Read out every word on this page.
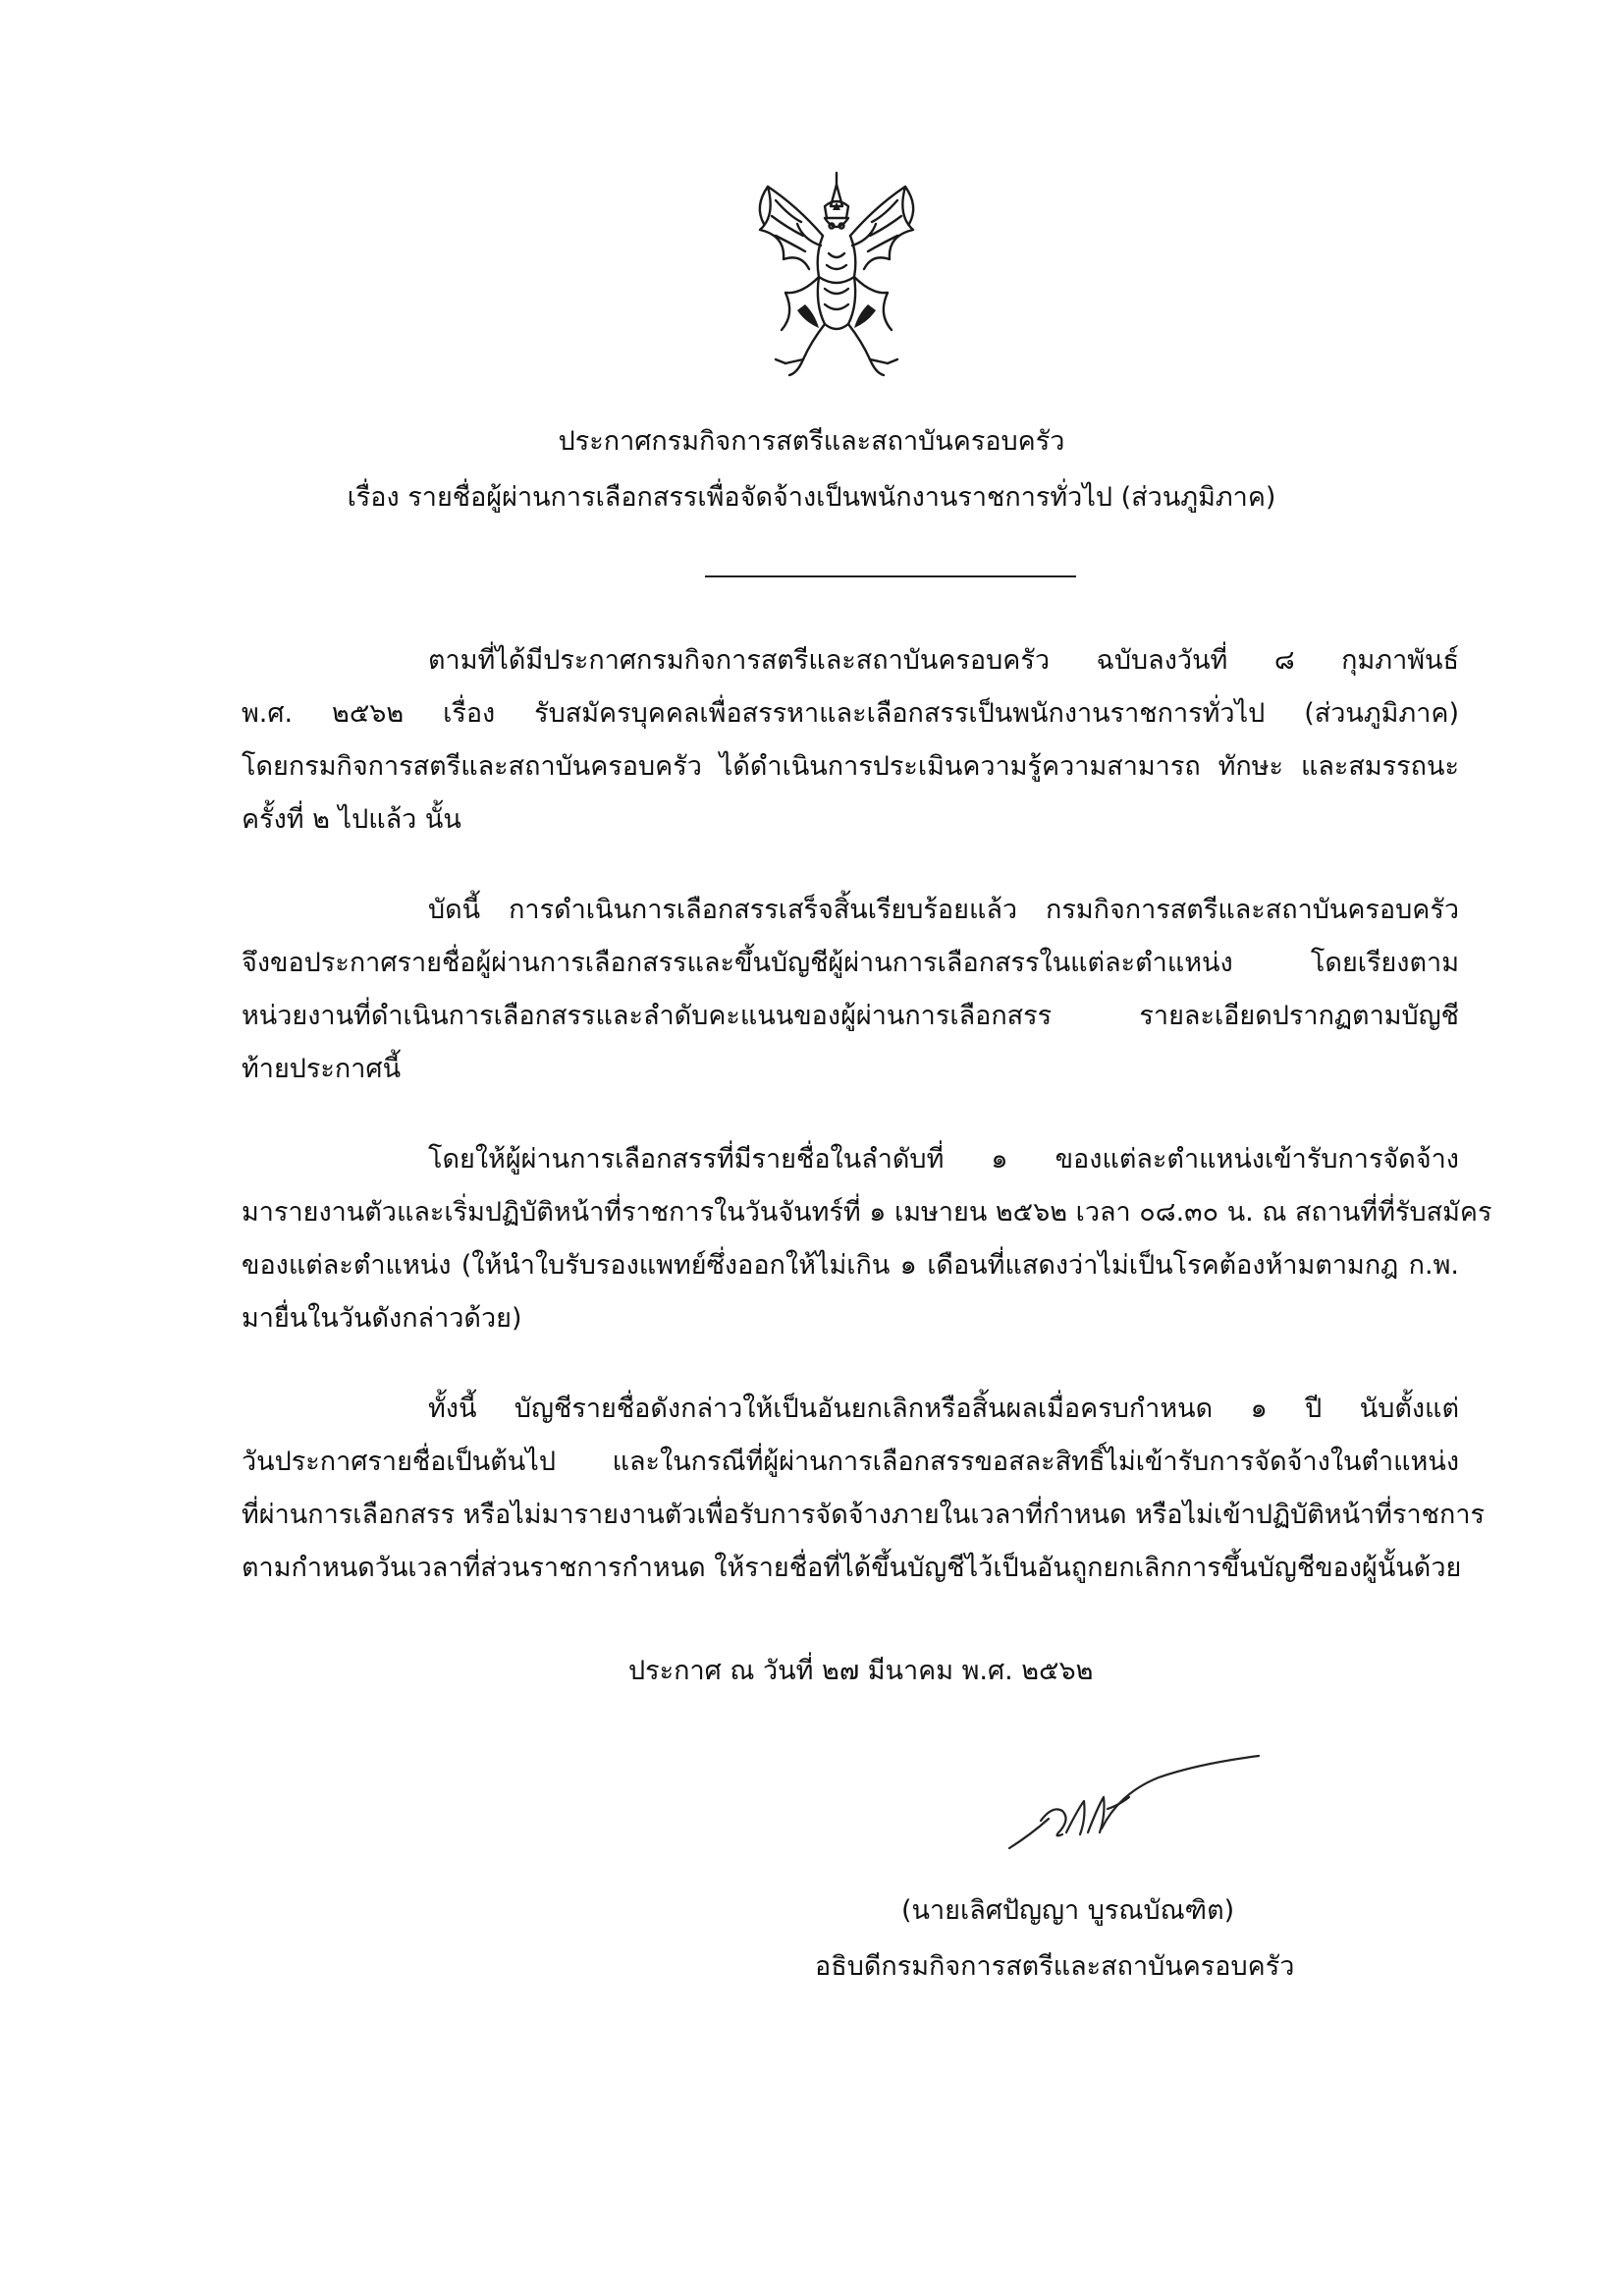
ประกาศกรมกิจการสตรีและสถาบันครอบครัว
เรื่อง รายชื่อผู้ผ่านการเลือกสรรเพื่อจัดจ้างเป็นพนักงานราชการทั่วไป (ส่วนภูมิภาค)
ตามที่ได้มีประกาศกรมกิจการสตรีและสถาบันครอบครัว ฉบับลงวันที่ ๘ กุมภาพันธ์
พ.ศ. ๒๕๖๒ เรื่อง รับสมัครบุคคลเพื่อสรรหาและเลือกสรรเป็นพนักงานราชการทั่วไป (ส่วนภูมิภาค)
โดยกรมกิจการสตรีและสถาบันครอบครัว ได้ดำเนินการประเมินความรู้ความสามารถ ทักษะ และสมรรถนะ
ครั้งที่ ๒ ไปแล้ว นั้น
บัดนี้ การดำเนินการเลือกสรรเสร็จสิ้นเรียบร้อยแล้ว กรมกิจการสตรีและสถาบันครอบครัว
จึงขอประกาศรายชื่อผู้ผ่านการเลือกสรรและขึ้นบัญชีผู้ผ่านการเลือกสรรในแต่ละตำแหน่ง โดยเรียงตาม
หน่วยงานที่ดำเนินการเลือกสรรและลำดับคะแนนของผู้ผ่านการเลือกสรร รายละเอียดปรากฏตามบัญชี
ท้ายประกาศนี้
โดยให้ผู้ผ่านการเลือกสรรที่มีรายชื่อในลำดับที่ ๑ ของแต่ละตำแหน่งเข้ารับการจัดจ้าง
มารายงานตัวและเริ่มปฏิบัติหน้าที่ราชการในวันจันทร์ที่ ๑ เมษายน ๒๕๖๒ เวลา ๐๘.๓๐ น. ณ สถานที่ที่รับสมัคร
ของแต่ละตำแหน่ง (ให้นำใบรับรองแพทย์ซึ่งออกให้ไม่เกิน ๑ เดือนที่แสดงว่าไม่เป็นโรคต้องห้ามตามกฎ ก.พ.
มายื่นในวันดังกล่าวด้วย)
ทั้งนี้ บัญชีรายชื่อดังกล่าวให้เป็นอันยกเลิกหรือสิ้นผลเมื่อครบกำหนด ๑ ปี นับตั้งแต่
วันประกาศรายชื่อเป็นต้นไป และในกรณีที่ผู้ผ่านการเลือกสรรขอสละสิทธิ์ไม่เข้ารับการจัดจ้างในตำแหน่ง
ที่ผ่านการเลือกสรร หรือไม่มารายงานตัวเพื่อรับการจัดจ้างภายในเวลาที่กำหนด หรือไม่เข้าปฏิบัติหน้าที่ราชการ
ตามกำหนดวันเวลาที่ส่วนราชการกำหนด ให้รายชื่อที่ได้ขึ้นบัญชีไว้เป็นอันถูกยกเลิกการขึ้นบัญชีของผู้นั้นด้วย
ประกาศ ณ วันที่ ๒๗ มีนาคม พ.ศ. ๒๕๖๒
(นายเลิศปัญญา บูรณบัณฑิต)
อธิบดีกรมกิจการสตรีและสถาบันครอบครัว
